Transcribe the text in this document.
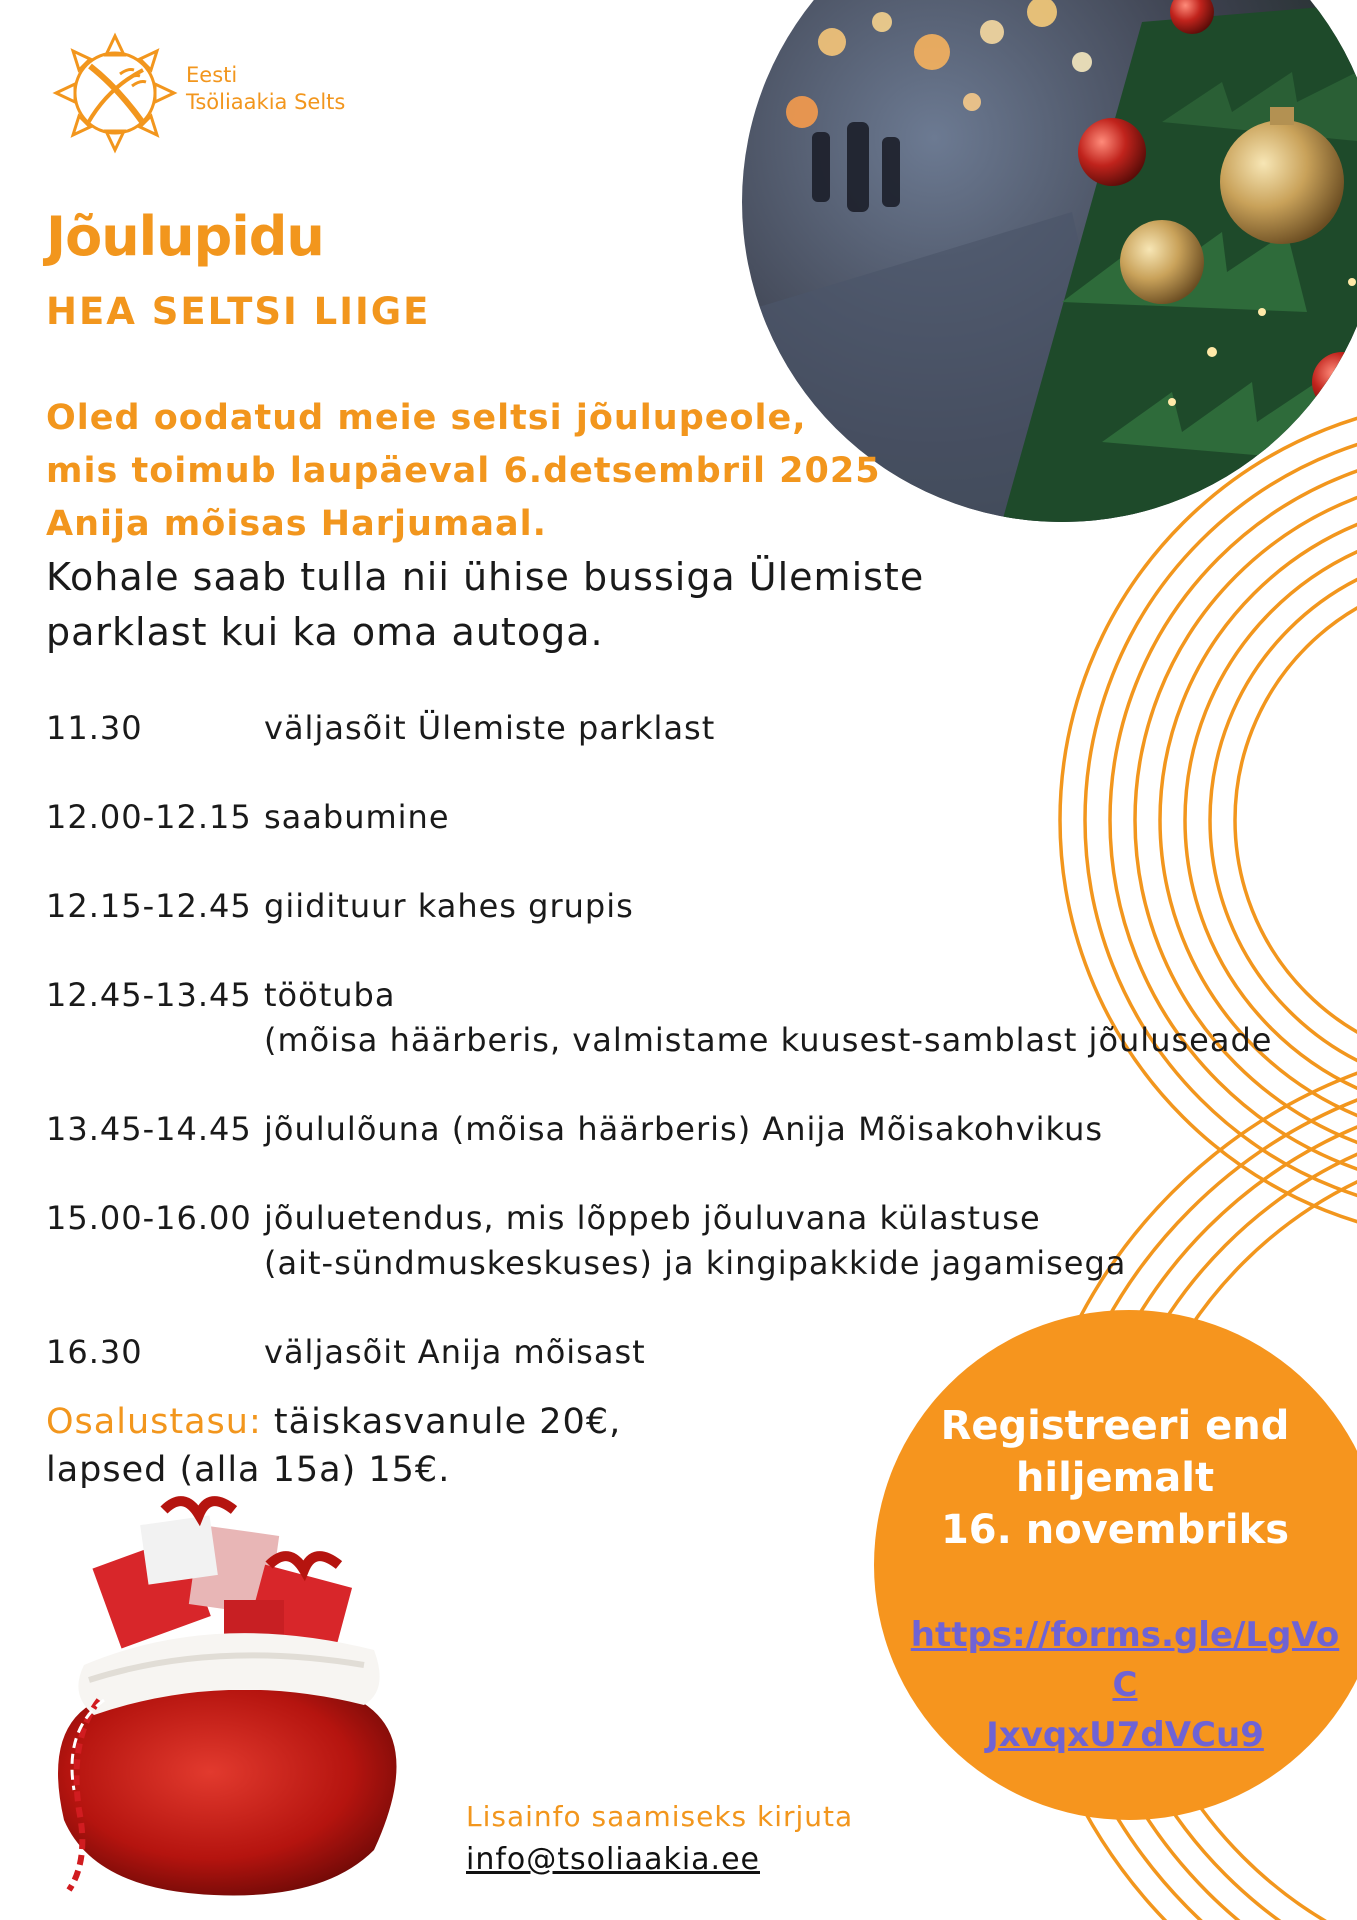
Eesti
Tsöliaakia Selts
Jõulupidu
HEA SELTSI LIIGE
Oled oodatud meie seltsi jõulupeole,
mis toimub laupäeval 6.detsembril 2025
Anija mõisas Harjumaal.
Kohale saab tulla nii ühise bussiga Ülemiste
parklast kui ka oma autoga.
11.30	väljasõit Ülemiste parklast
12.00-12.15 saabumine
12.15-12.45 giidituur kahes grupis
12.45-13.45 töötuba
(mõisa häärberis, valmistame kuusest-samblast jõuluseade
13.45-14.45 jõululõuna (mõisa häärberis) Anija Mõisakohvikus
15.00-16.00 jõuluetendus, mis lõppeb jõuluvana külastuse
(ait-sündmuskeskuses) ja kingipakkide jagamisega
16.30	väljasõit Anija mõisast
Osalustasu: täiskasvanule 20€,
lapsed (alla 15a) 15€.
Registreeri end
hiljemalt
16. novembriks
https://forms.gle/LgVoC
JxvqxU7dVCu9
Lisainfo saamiseks kirjuta
info@tsoliaakia.ee
